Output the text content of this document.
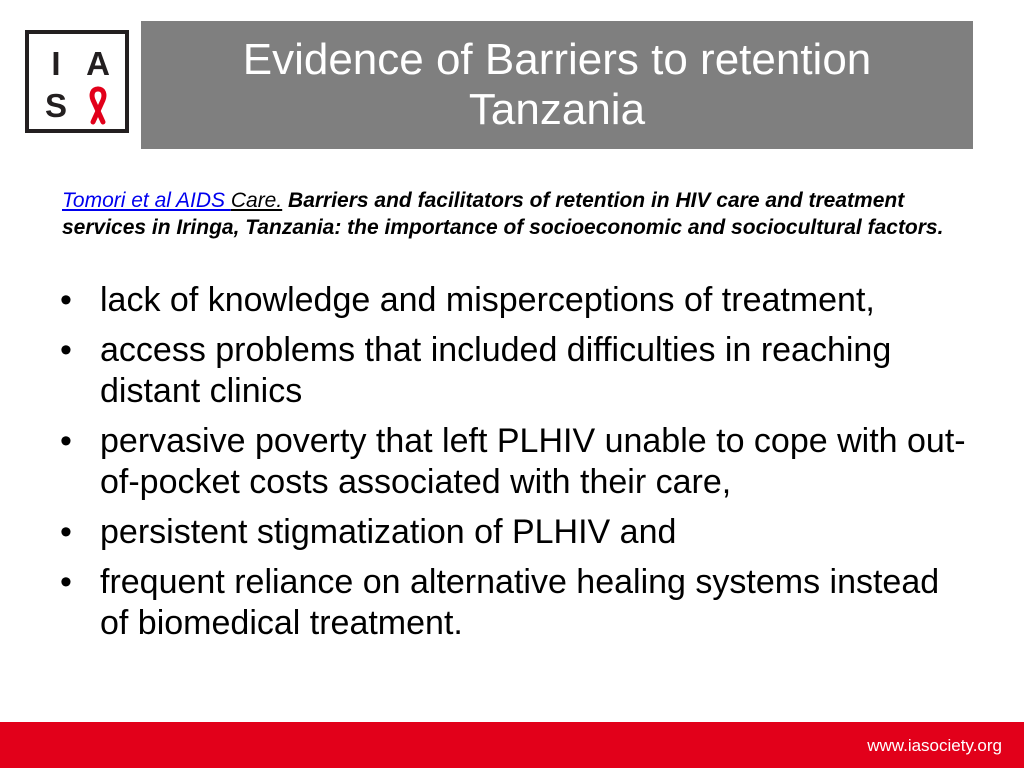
I A
S
Evidence of Barriers to retention
Tanzania
Tomori et al AIDS Care. Barriers and facilitators of retention in HIV care and treatment services in Iringa, Tanzania: the importance of socioeconomic and sociocultural factors.
• lack of knowledge and misperceptions of treatment,
• access problems that included difficulties in reaching distant clinics
• pervasive poverty that left PLHIV unable to cope with out-of-pocket costs associated with their care,
• persistent stigmatization of PLHIV and
• frequent reliance on alternative healing systems instead of biomedical treatment.
www.iasociety.org
